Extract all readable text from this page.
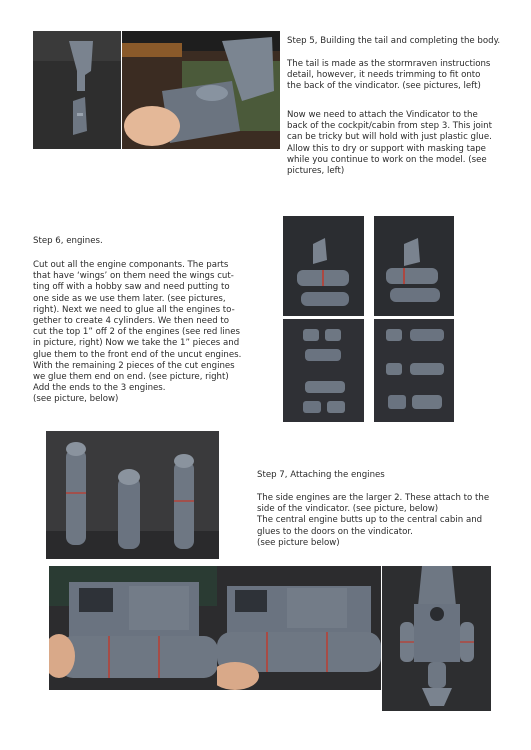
Step 5, Building the tail and completing the body.
The tail is made as the stormraven instructions
detail, however, it needs trimming to fit onto
the back of the vindicator. (see pictures, left)
Now we need to attach the Vindicator to the
back of the cockpit/cabin from step 3. This joint
can be tricky but will hold with just plastic glue.
Allow this to dry or support with masking tape
while you continue to work on the model. (see
pictures, left)
Step 6, engines.
Cut out all the engine componants. The parts
that have ‘wings’ on them need the wings cut-
ting off with a hobby saw and need putting to
one side as we use them later. (see pictures,
right). Next we need to glue all the engines to-
gether to create 4 cylinders. We then need to
cut the top 1” off 2 of the engines (see red lines
in picture, right) Now we take the 1” pieces and
glue them to the front end of the uncut engines.
With the remaining 2 pieces of the cut engines
we glue them end on end. (see picture, right)
Add the ends to the 3 engines.
(see picture, below)
Step 7, Attaching the engines
The side engines are the larger 2. These attach to the
side of the vindicator. (see picture, below)
The central engine butts up to the central cabin and
glues to the doors on the vindicator.
(see picture below)
